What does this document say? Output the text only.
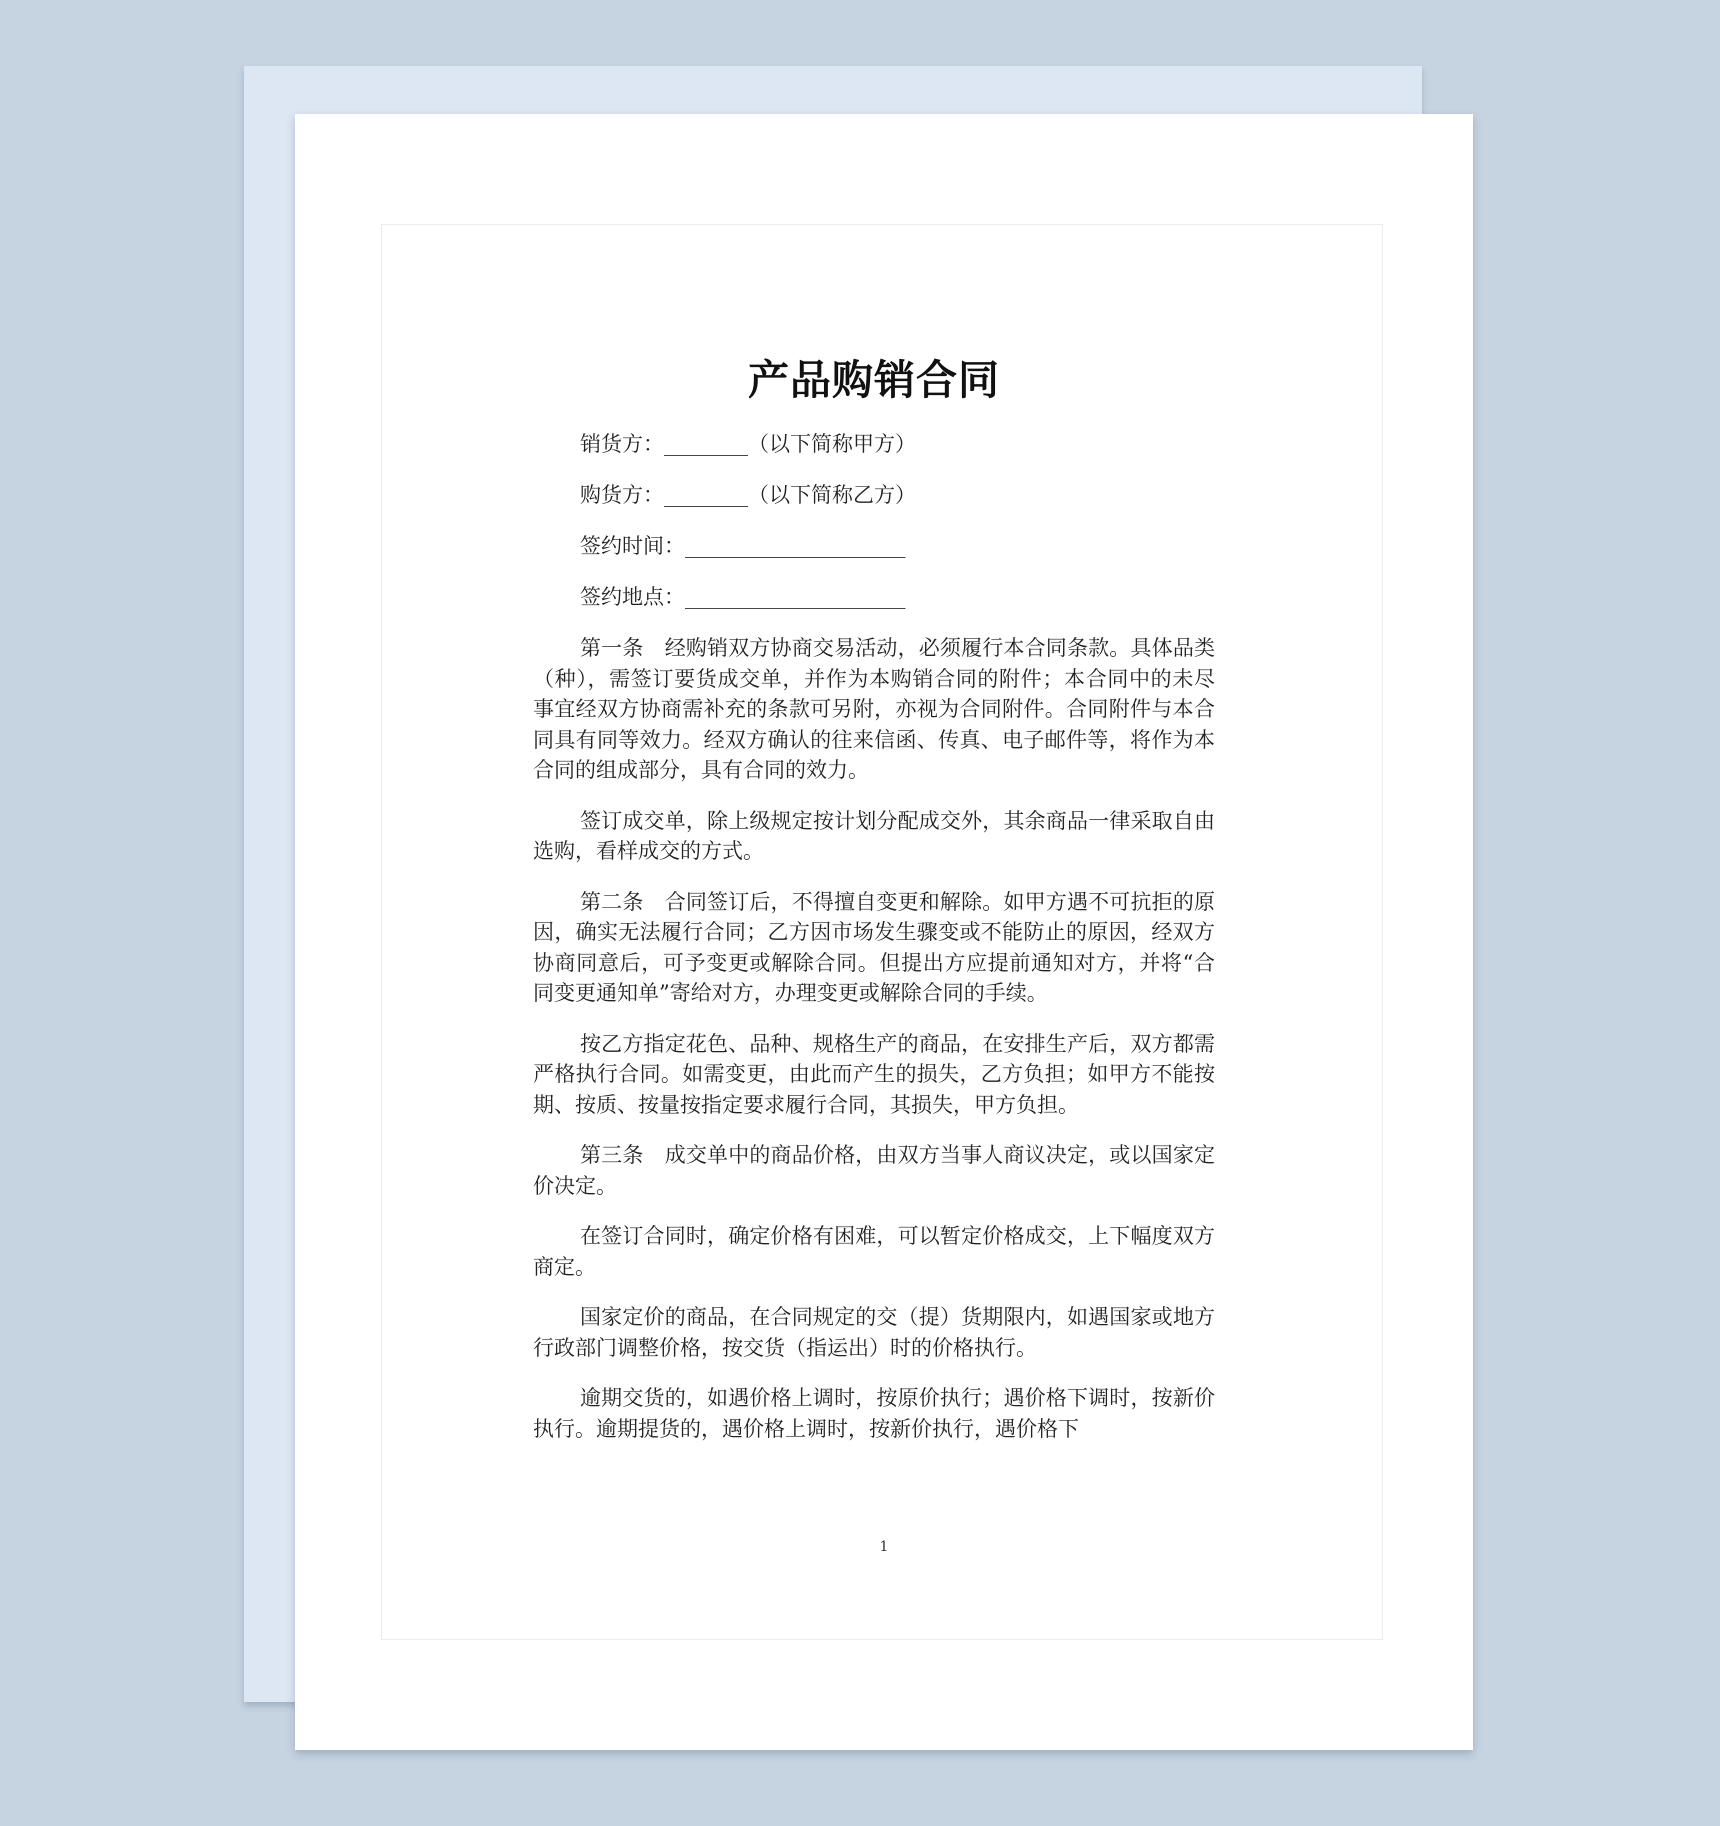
产品购销合同
销货方：________（以下简称甲方）
购货方：________（以下简称乙方）
签约时间：_____________________
签约地点：_____________________

第一条　经购销双方协商交易活动，必须履行本合同条款。具体品类（种），需签订要货成交单，并作为本购销合同的附件；本合同中的未尽事宜经双方协商需补充的条款可另附，亦视为合同附件。合同附件与本合同具有同等效力。经双方确认的往来信函、传真、电子邮件等，将作为本合同的组成部分，具有合同的效力。

签订成交单，除上级规定按计划分配成交外，其余商品一律采取自由选购，看样成交的方式。

第二条　合同签订后，不得擅自变更和解除。如甲方遇不可抗拒的原因，确实无法履行合同；乙方因市场发生骤变或不能防止的原因，经双方协商同意后，可予变更或解除合同。但提出方应提前通知对方，并将“合同变更通知单”寄给对方，办理变更或解除合同的手续。

按乙方指定花色、品种、规格生产的商品，在安排生产后，双方都需严格执行合同。如需变更，由此而产生的损失，乙方负担；如甲方不能按期、按质、按量按指定要求履行合同，其损失，甲方负担。

第三条　成交单中的商品价格，由双方当事人商议决定，或以国家定价决定。

在签订合同时，确定价格有困难，可以暂定价格成交，上下幅度双方商定。

国家定价的商品，在合同规定的交（提）货期限内，如遇国家或地方行政部门调整价格，按交货（指运出）时的价格执行。

逾期交货的，如遇价格上调时，按原价执行；遇价格下调时，按新价执行。逾期提货的，遇价格上调时，按新价执行，遇价格下

1
